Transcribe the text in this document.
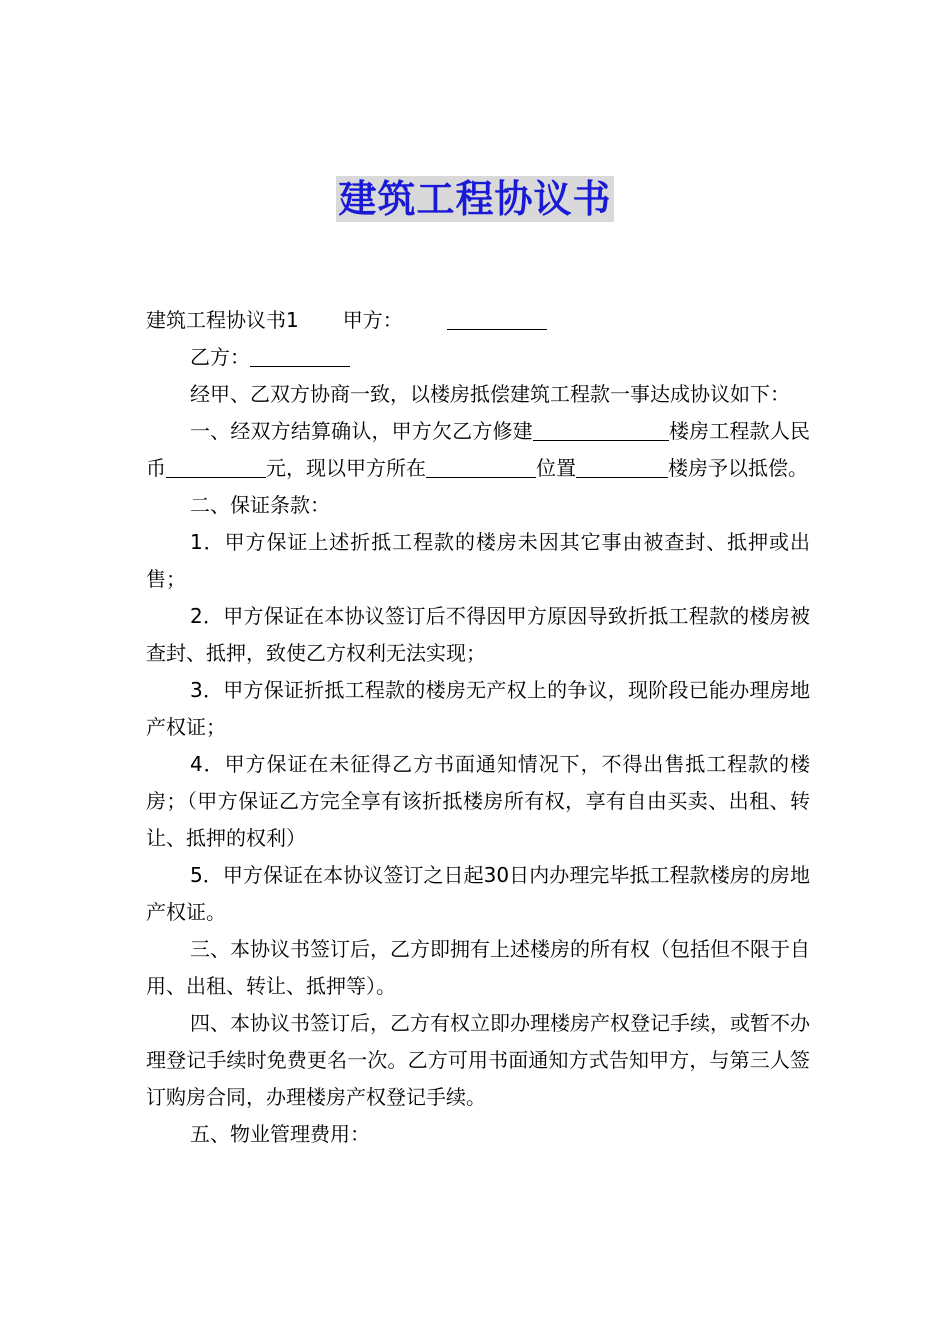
建筑工程协议书

建筑工程协议书1 甲方：

乙方：

经甲、乙双方协商一致，以楼房抵偿建筑工程款一事达成协议如下：

一、经双方结算确认，甲方欠乙方修建	楼房工程款人民币	元，现以甲方所在	位置	楼房予以抵偿。

二、保证条款：

1．甲方保证上述折抵工程款的楼房未因其它事由被查封、抵押或出售；

2．甲方保证在本协议签订后不得因甲方原因导致折抵工程款的楼房被查封、抵押，致使乙方权利无法实现；

3．甲方保证折抵工程款的楼房无产权上的争议，现阶段已能办理房地产权证；

4．甲方保证在未征得乙方书面通知情况下，不得出售抵工程款的楼房；（甲方保证乙方完全享有该折抵楼房所有权，享有自由买卖、出租、转让、抵押的权利）

5．甲方保证在本协议签订之日起30日内办理完毕抵工程款楼房的房地产权证。

三、本协议书签订后，乙方即拥有上述楼房的所有权（包括但不限于自用、出租、转让、抵押等）。

四、本协议书签订后，乙方有权立即办理楼房产权登记手续，或暂不办理登记手续时免费更名一次。乙方可用书面通知方式告知甲方，与第三人签订购房合同，办理楼房产权登记手续。

五、物业管理费用：
